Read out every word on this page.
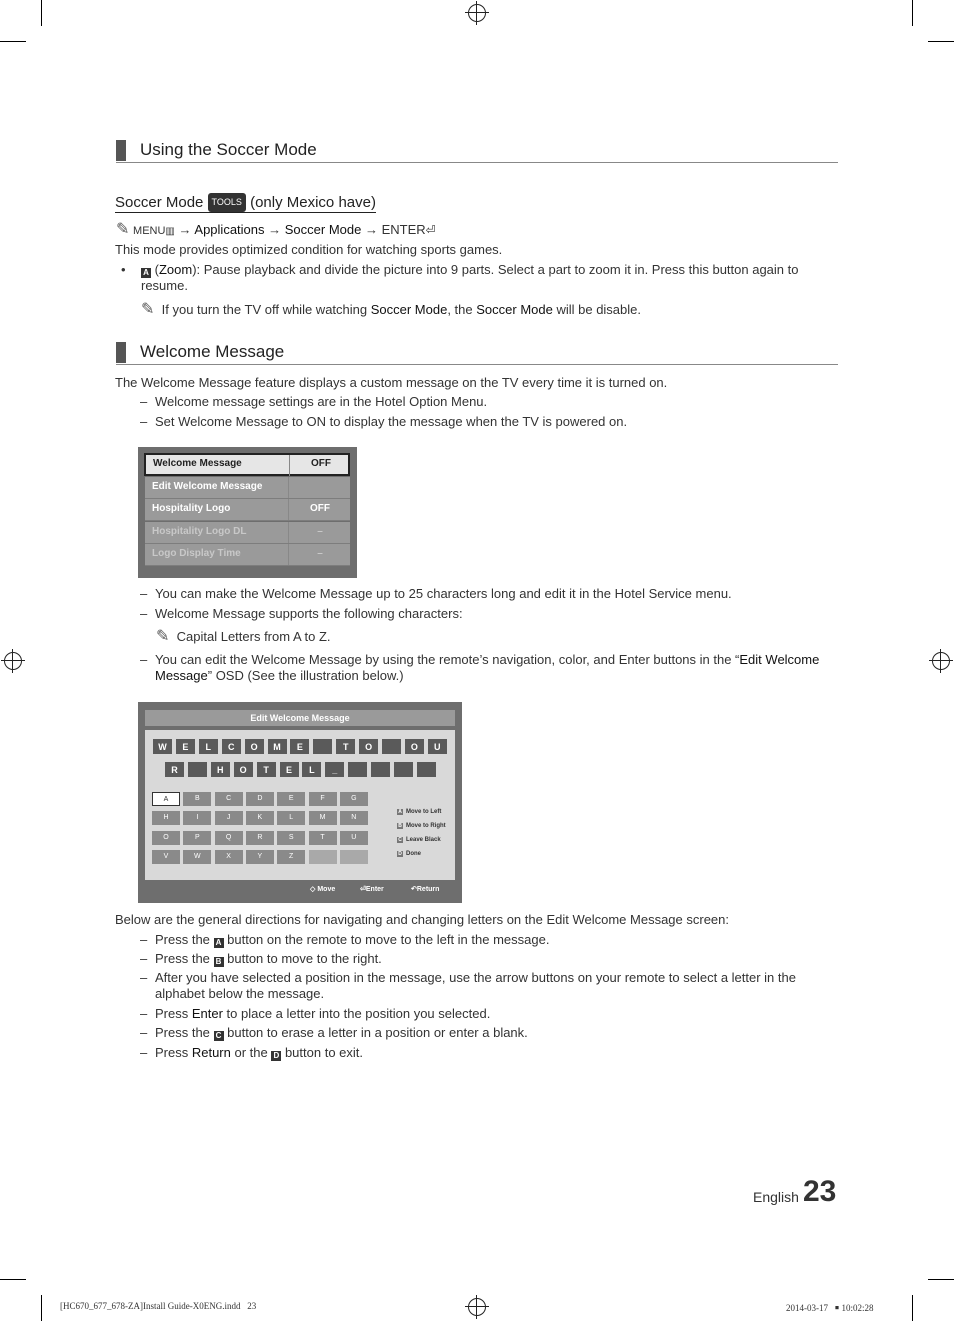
Using the Soccer Mode
Soccer Mode TOOLS (only Mexico have)
✎ MENU▥ → Applications → Soccer Mode → ENTER⏎
This mode provides optimized condition for watching sports games.
• A (Zoom): Pause playback and divide the picture into 9 parts. Select a part to zoom it in. Press this button again to resume.
✎ If you turn the TV off while watching Soccer Mode, the Soccer Mode will be disable.
Welcome Message
The Welcome Message feature displays a custom message on the TV every time it is turned on.
– Welcome message settings are in the Hotel Option Menu.
– Set Welcome Message to ON to display the message when the TV is powered on.
Welcome Message	OFF
Edit Welcome Message
Hospitality Logo	OFF
Hospitality Logo DL	–
Logo Display Time	–
– You can make the Welcome Message up to 25 characters long and edit it in the Hotel Service menu.
– Welcome Message supports the following characters:
✎ Capital Letters from A to Z.
– You can edit the Welcome Message by using the remote’s navigation, color, and Enter buttons in the “Edit Welcome Message” OSD (See the illustration below.)
Edit Welcome Message
W	E	L	C	O	M	E	T	O	O	U
R	H	O	T	E	L	_
A	B	C	D	E	F	G
H	I	J	K	L	M	N
O	P	Q	R	S	T	U
V	W	X	Y	Z
A Move to Left
B Move to Right
C Leave Black
D Done
◇ Move	⏎Enter	↶Return
Below are the general directions for navigating and changing letters on the Edit Welcome Message screen:
– Press the A button on the remote to move to the left in the message.
– Press the B button to move to the right.
– After you have selected a position in the message, use the arrow buttons on your remote to select a letter in the alphabet below the message.
– Press Enter to place a letter into the position you selected.
– Press the C button to erase a letter in a position or enter a blank.
– Press Return or the D button to exit.
English 23
[HC670_677_678-ZA]Install Guide-X0ENG.indd   23	2014-03-17   ￭ 10:02:28
